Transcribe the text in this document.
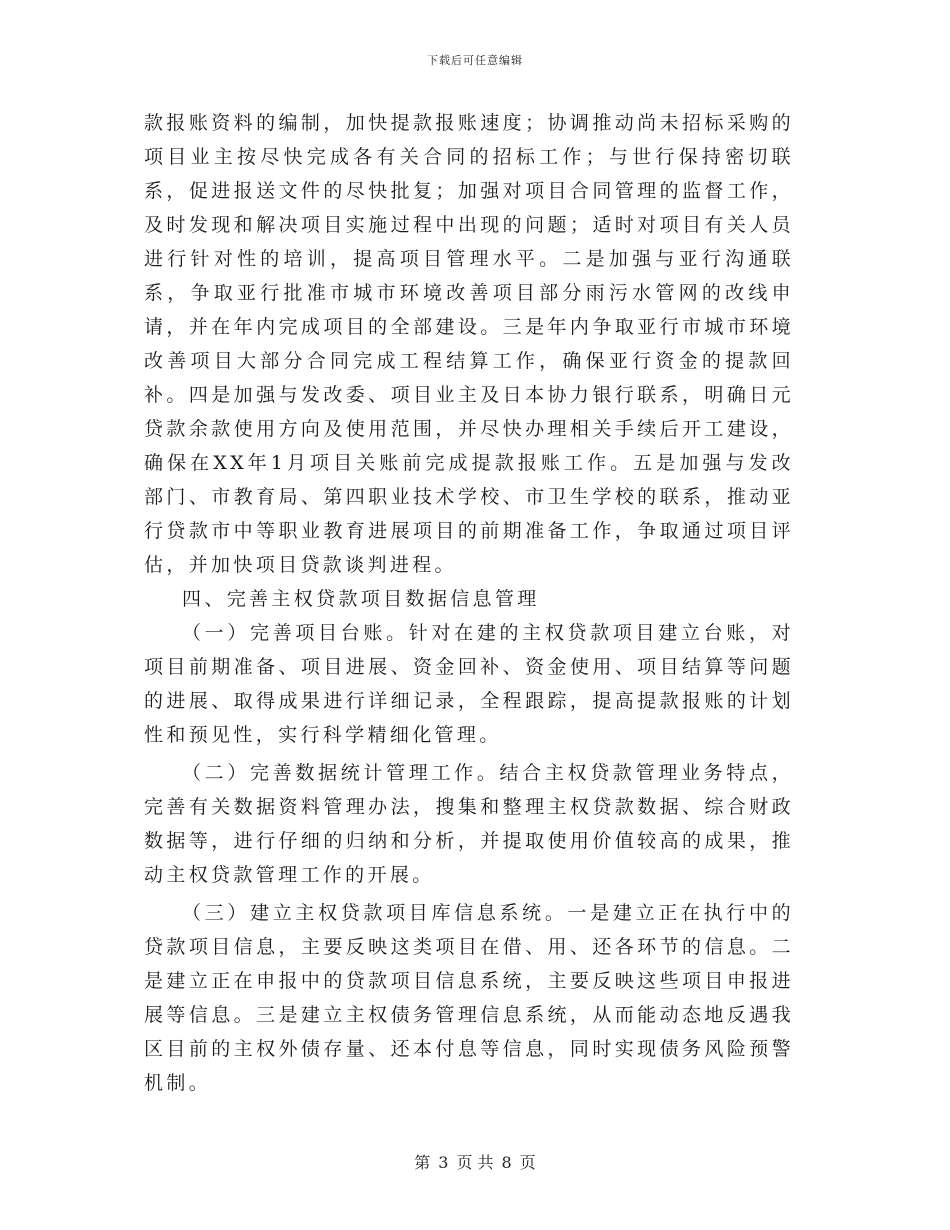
下载后可任意编辑

款报账资料的编制，加快提款报账速度；协调推动尚未招标采购的项目业主按尽快完成各有关合同的招标工作；与世行保持密切联系，促进报送文件的尽快批复；加强对项目合同管理的监督工作，及时发现和解决项目实施过程中出现的问题；适时对项目有关人员进行针对性的培训，提高项目管理水平。二是加强与亚行沟通联系，争取亚行批准市城市环境改善项目部分雨污水管网的改线申请，并在年内完成项目的全部建设。三是年内争取亚行市城市环境改善项目大部分合同完成工程结算工作，确保亚行资金的提款回补。四是加强与发改委、项目业主及日本协力银行联系，明确日元贷款余款使用方向及使用范围，并尽快办理相关手续后开工建设，确保在XX年1月项目关账前完成提款报账工作。五是加强与发改部门、市教育局、第四职业技术学校、市卫生学校的联系，推动亚行贷款市中等职业教育进展项目的前期准备工作，争取通过项目评估，并加快项目贷款谈判进程。

四、完善主权贷款项目数据信息管理

（一）完善项目台账。针对在建的主权贷款项目建立台账，对项目前期准备、项目进展、资金回补、资金使用、项目结算等问题的进展、取得成果进行详细记录，全程跟踪，提高提款报账的计划性和预见性，实行科学精细化管理。

（二）完善数据统计管理工作。结合主权贷款管理业务特点，完善有关数据资料管理办法，搜集和整理主权贷款数据、综合财政数据等，进行仔细的归纳和分析，并提取使用价值较高的成果，推动主权贷款管理工作的开展。

（三）建立主权贷款项目库信息系统。一是建立正在执行中的贷款项目信息，主要反映这类项目在借、用、还各环节的信息。二是建立正在申报中的贷款项目信息系统，主要反映这些项目申报进展等信息。三是建立主权债务管理信息系统，从而能动态地反遇我区目前的主权外债存量、还本付息等信息，同时实现债务风险预警机制。

第 3 页 共 8 页
